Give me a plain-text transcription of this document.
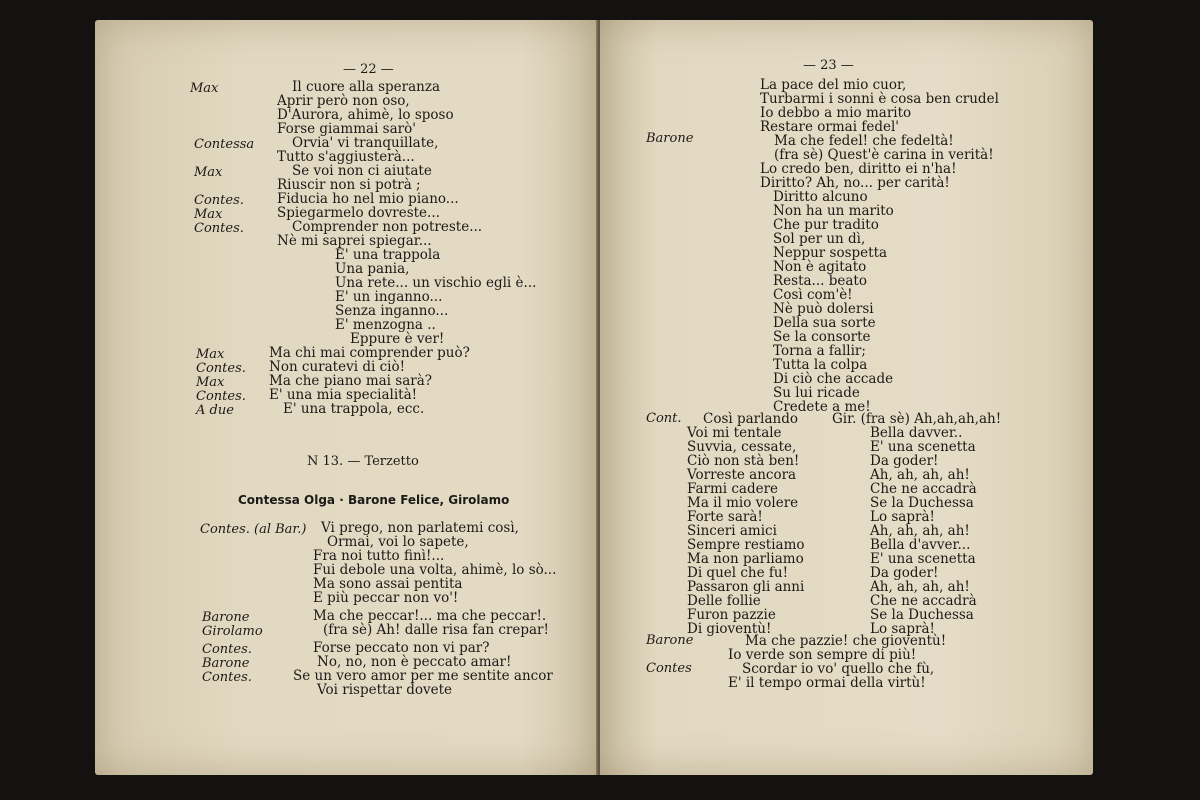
— 22 —
Il cuore alla speranza
Aprir però non oso,
D'Aurora, ahimè, lo sposo
Forse giammai sarò'
Orvia' vi tranquillate,
Tutto s'aggiusterà...
Se voi non ci aiutate
Riuscir non si potrà ;
Fiducia ho nel mio piano...
Spiegarmelo dovreste...
Comprender non potreste...
Nè mi saprei spiegar...
E' una trappola
Una pania,
Una rete... un vischio egli è...
E' un inganno...
Senza inganno...
E' menzogna ..
Eppure è ver!
Ma chi mai comprender può?
Non curatevi di ciò!
Ma che piano mai sarà?
E' una mia specialità!
E' una trappola, ecc.
Max
Contessa
Max
Contes.
Max
Contes.
Max
Contes.
Max
Contes.
A due
N 13. — Terzetto
Contessa Olga · Barone Felice, Girolamo
Vi prego, non parlatemi così,
Ormai, voi lo sapete,
Fra noi tutto finì!...
Fui debole una volta, ahimè, lo sò...
Ma sono assai pentita
E più peccar non vo'!
Ma che peccar!... ma che peccar!.
(fra sè) Ah! dalle risa fan crepar!
Forse peccato non vi par?
No, no, non è peccato amar!
Se un vero amor per me sentite ancor
Voi rispettar dovete
Contes. (al Bar.)
Barone
Girolamo
Contes.
Barone
Contes.
— 23 —
La pace del mio cuor,
Turbarmi i sonni è cosa ben crudel
Io debbo a mio marito
Restare ormai fedel'
Ma che fedel! che fedeltà!
(fra sè) Quest'è carina in verità!
Lo credo ben, diritto ei n'ha!
Diritto? Ah, no... per carità!
Diritto alcuno
Non ha un marito
Che pur tradito
Sol per un dì,
Neppur sospetta
Non è agitato
Resta... beato
Così com'è!
Nè può dolersi
Della sua sorte
Se la consorte
Torna a fallir;
Tutta la colpa
Di ciò che accade
Su lui ricade
Credete a me!
Barone
Cont. Così parlando
Voi mi tentale
Suvvia, cessate,
Ciò non stà ben!
Vorreste ancora
Farmi cadere
Ma il mio volere
Forte sarà!
Sinceri amici
Sempre restiamo
Ma non parliamo
Di quel che fu!
Passaron gli anni
Delle follie
Furon pazzie
Di gioventù!
Gir. (fra sè) Ah,ah,ah,ah!
Bella davver..
E' una scenetta
Da goder!
Ah, ah, ah, ah!
Che ne accadrà
Se la Duchessa
Lo saprà!
Ah, ah, ah, ah!
Bella d'avver...
E' una scenetta
Da goder!
Ah, ah, ah, ah!
Che ne accadrà
Se la Duchessa
Lo saprà!
Barone
Contes
Ma che pazzie! che gioventù!
Io verde son sempre di più!
Scordar io vo' quello che fù,
E' il tempo ormai della virtù!
